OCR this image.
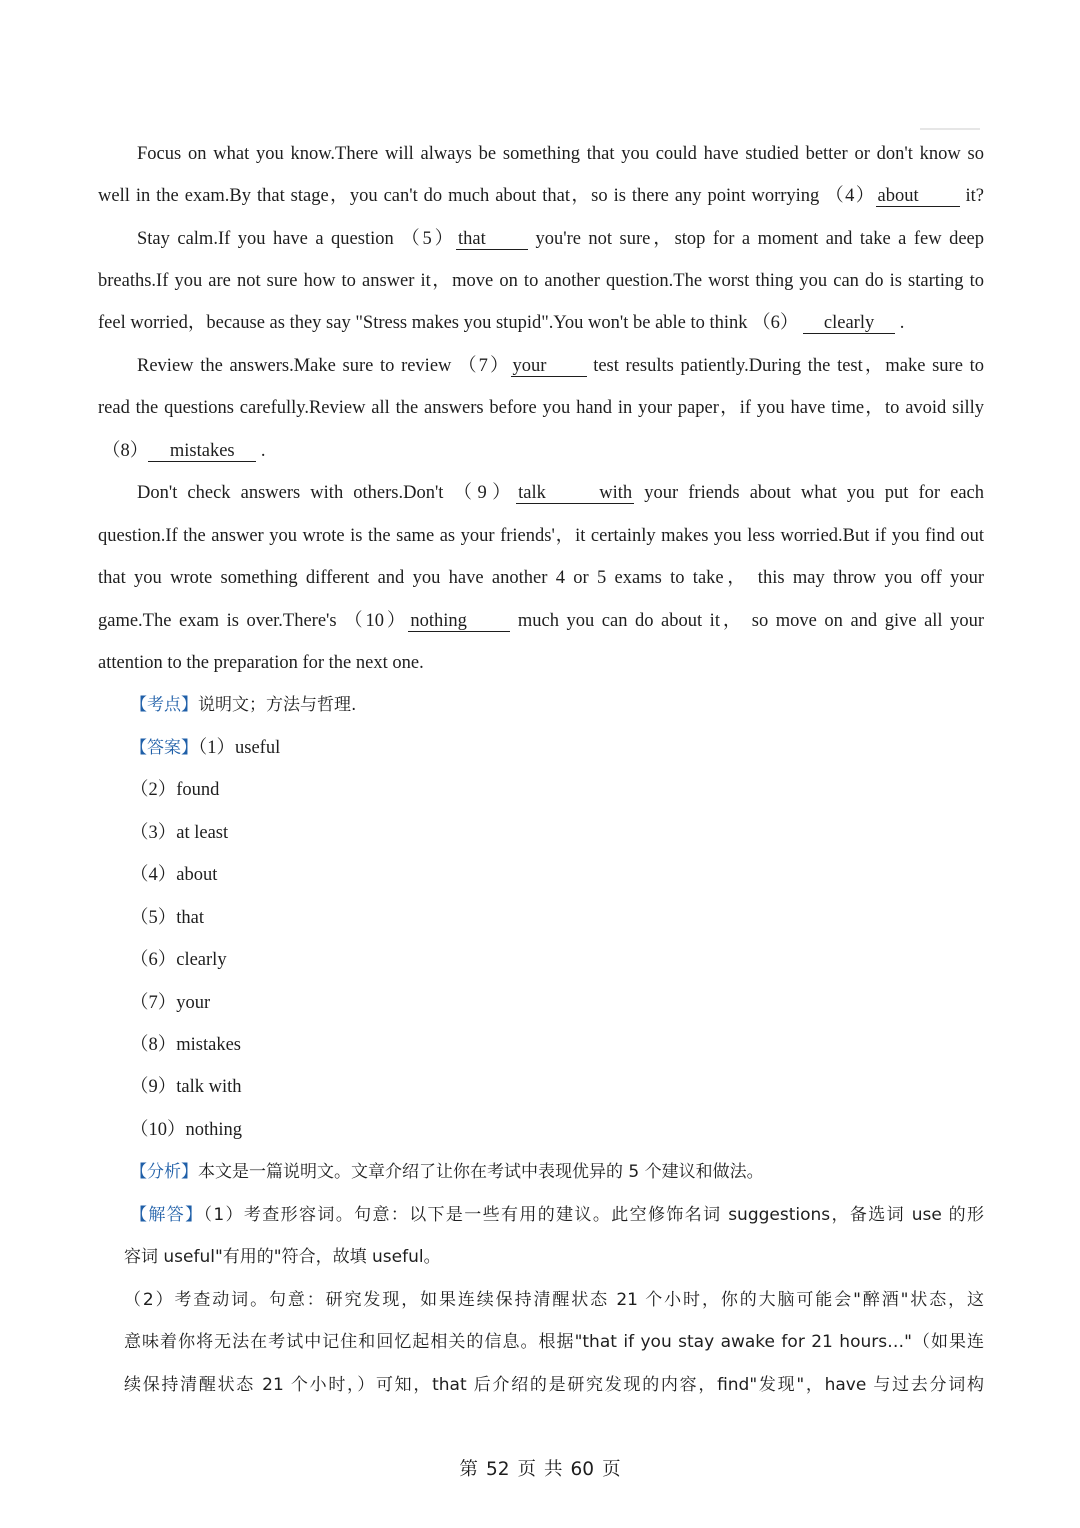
Focus on what you know.There will always be something that you could have studied better or don't know so
well in the exam.By that stage，you can't do much about that，so is there any point worrying （4） about	it?
Stay calm.If you have a question （5） that	you're not sure，stop for a moment and take a few deep
breaths.If you are not sure how to answer it，move on to another question.The worst thing you can do is starting to
feel worried，because as they say "Stress makes you stupid".You won't be able to think （6） clearly .
Review the answers.Make sure to review （7） your	test results patiently.During the test，make sure to
read the questions carefully.Review all the answers before you hand in your paper，if you have time，to avoid silly
（8） mistakes .
Don't check answers with others.Don't （9） talk with your friends about what you put for each
question.If the answer you wrote is the same as your friends'，it certainly makes you less worried.But if you find out
that you wrote something different and you have another 4 or 5 exams to take， this may throw you off your
game.The exam is over.There's （10） nothing	much you can do about it， so move on and give all your
attention to the preparation for the next one.
【考点】说明文；方法与哲理.
【答案】（1）useful
（2）found
（3）at least
（4）about
（5）that
（6）clearly
（7）your
（8）mistakes
（9）talk with
（10）nothing
【分析】本文是一篇说明文。文章介绍了让你在考试中表现优异的 5 个建议和做法。
【解答】（1）考查形容词。句意：以下是一些有用的建议。此空修饰名词 suggestions，备选词 use 的形
容词 useful"有用的"符合，故填 useful。
（2）考查动词。句意：研究发现，如果连续保持清醒状态 21 个小时，你的大脑可能会"醉酒"状态，这
意味着你将无法在考试中记住和回忆起相关的信息。根据"that if you stay awake for 21 hours…"（如果连
续保持清醒状态 21 个小时，）可知，that 后介绍的是研究发现的内容，find"发现"，have 与过去分词构
第 52 页 共 60 页
